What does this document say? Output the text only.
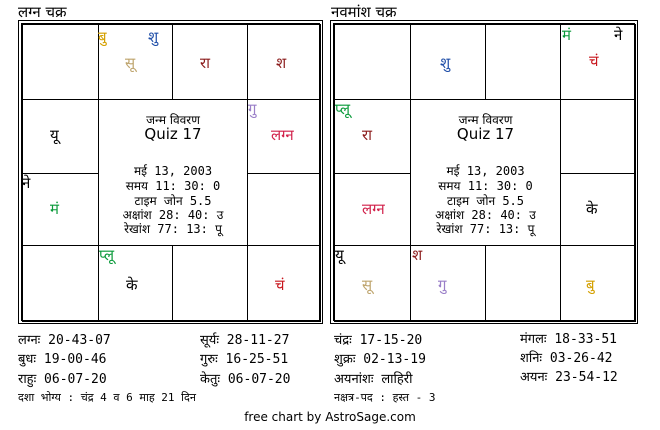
लग्न चक्र
जन्म विवरण
Quiz 17
मई 13, 2003
समय 11: 30: 0
टाइम जोन 5.5
अक्षांश 28: 40: उ
रेखांश 77: 13: पू
बु	शु
सू	रा	श
यू
गु
लग्न
ने
मं
प्लू
के	चं
नवमांश चक्र
जन्म विवरण
Quiz 17
मई 13, 2003
समय 11: 30: 0
टाइम जोन 5.5
अक्षांश 28: 40: उ
रेखांश 77: 13: पू
मं	ने
चं
शु
प्लू
रा
लग्न	के
यू
सू
श
गु	बु
लग्नः 20-43-07	सूर्यः 28-11-27	चंद्रः 17-15-20	मंगलः 18-33-51
बुधः 19-00-46	गुरुः 16-25-51	शुक्रः 02-13-19	शनिः 03-26-42
राहुः 06-07-20	केतुः 06-07-20	अयनांशः लाहिरी	अयनः 23-54-12
दशा भोग्य : चंद्र 4 व 6 माह 21 दिन	नक्षत्र-पद : हस्त - 3
free chart by AstroSage.com
